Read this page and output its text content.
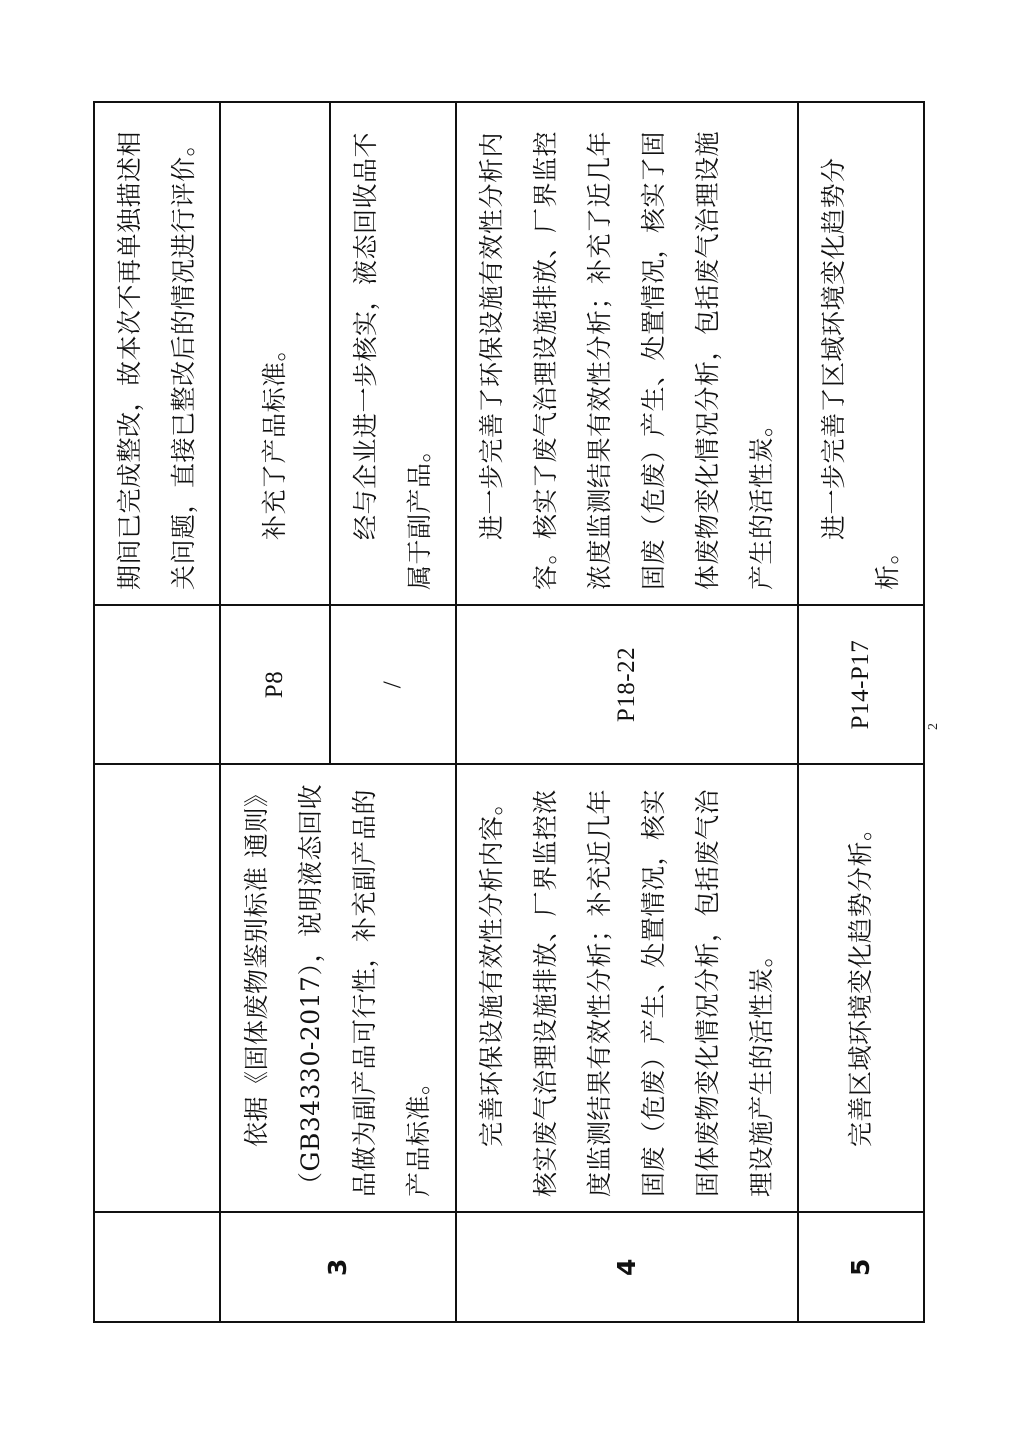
			期间已完成整改，故本次不再单独描述相关问题，直接已整改后的情况进行评价。
3	依据《固体废物鉴别标准 通则》（GB34330-2017），说明液态回收品做为副产品可行性，补充副产品的产品标准。	P8	补充了产品标准。
		/	经与企业进一步核实，液态回收品不属于副产品。
4	完善环保设施有效性分析内容。核实废气治理设施排放、厂界监控浓度监测结果有效性分析；补充近几年固废（危废）产生、处置情况，核实固体废物变化情况分析，包括废气治理设施产生的活性炭。	P18-22	进一步完善了环保设施有效性分析内容。核实了废气治理设施排放、厂界监控浓度监测结果有效性分析；补充了近几年固废（危废）产生、处置情况，核实了固体废物变化情况分析，包括废气治理设施产生的活性炭。
5	完善区域环境变化趋势分析。	P14-P17	进一步完善了区域环境变化趋势分析。
2
